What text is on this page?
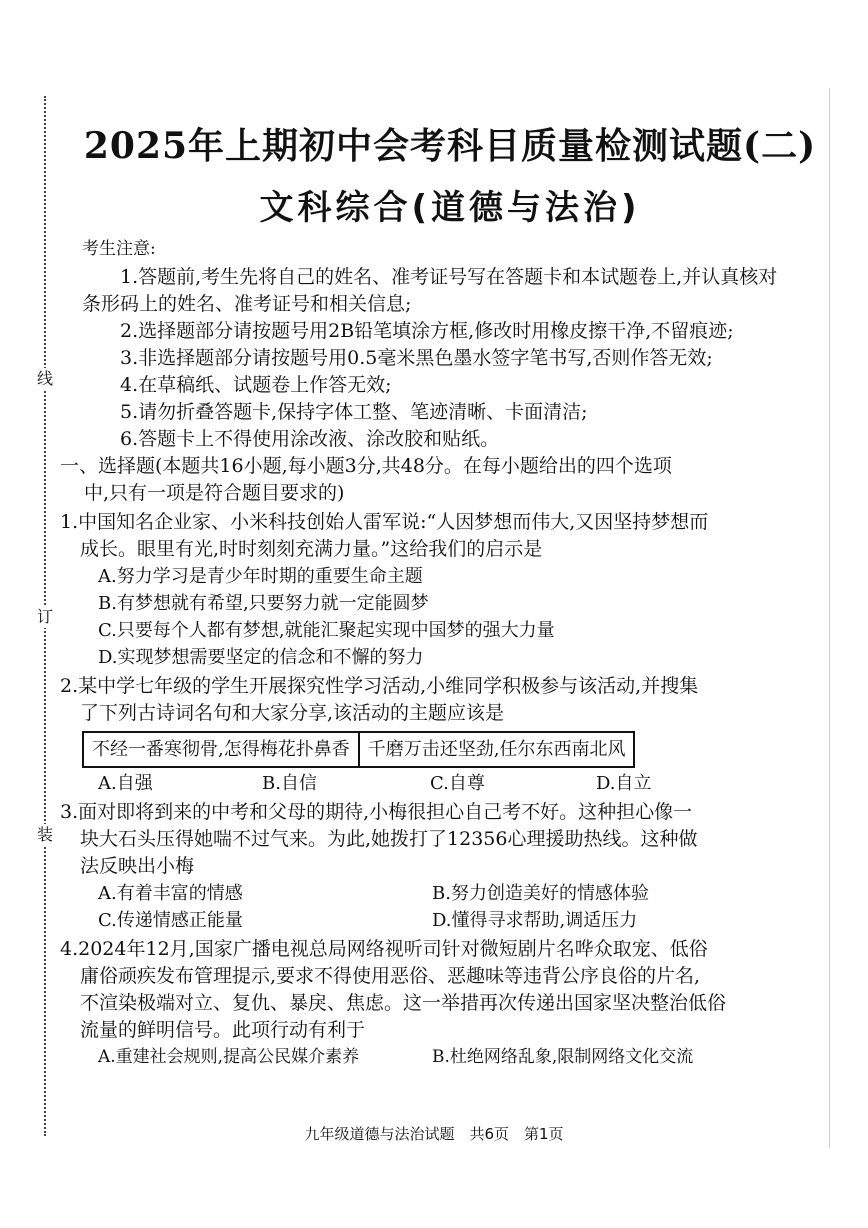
线
订
装
2025年上期初中会考科目质量检测试题(二)
文科综合(道德与法治)
考生注意:

1.答题前,考生先将自己的姓名、准考证号写在答题卡和本试题卷上,并认真核对条形码上的姓名、准考证号和相关信息;

2.选择题部分请按题号用2B铅笔填涂方框,修改时用橡皮擦干净,不留痕迹;

3.非选择题部分请按题号用0.5毫米黑色墨水签字笔书写,否则作答无效;

4.在草稿纸、试题卷上作答无效;

5.请勿折叠答题卡,保持字体工整、笔迹清晰、卡面清洁;

6.答题卡上不得使用涂改液、涂改胶和贴纸。

一、选择题(本题共16小题,每小题3分,共48分。在每小题给出的四个选项

中,只有一项是符合题目要求的)

1.中国知名企业家、小米科技创始人雷军说:“人因梦想而伟大,又因坚持梦想而

成长。眼里有光,时时刻刻充满力量。”这给我们的启示是

A.努力学习是青少年时期的重要生命主题

B.有梦想就有希望,只要努力就一定能圆梦

C.只要每个人都有梦想,就能汇聚起实现中国梦的强大力量

D.实现梦想需要坚定的信念和不懈的努力

2.某中学七年级的学生开展探究性学习活动,小维同学积极参与该活动,并搜集

了下列古诗词名句和大家分享,该活动的主题应该是

不经一番寒彻骨,怎得梅花扑鼻香	千磨万击还坚劲,任尔东西南北风
A.自强	B.自信	C.自尊	D.自立

3.面对即将到来的中考和父母的期待,小梅很担心自己考不好。这种担心像一

块大石头压得她喘不过气来。为此,她拨打了12356心理援助热线。这种做

法反映出小梅

A.有着丰富的情感	B.努力创造美好的情感体验
C.传递情感正能量	D.懂得寻求帮助,调适压力

4.2024年12月,国家广播电视总局网络视听司针对微短剧片名哗众取宠、低俗

庸俗顽疾发布管理提示,要求不得使用恶俗、恶趣味等违背公序良俗的片名,

不渲染极端对立、复仇、暴戾、焦虑。这一举措再次传递出国家坚决整治低俗

流量的鲜明信号。此项行动有利于

A.重建社会规则,提高公民媒介素养	B.杜绝网络乱象,限制网络文化交流
九年级道德与法治试题　共6页　第1页
